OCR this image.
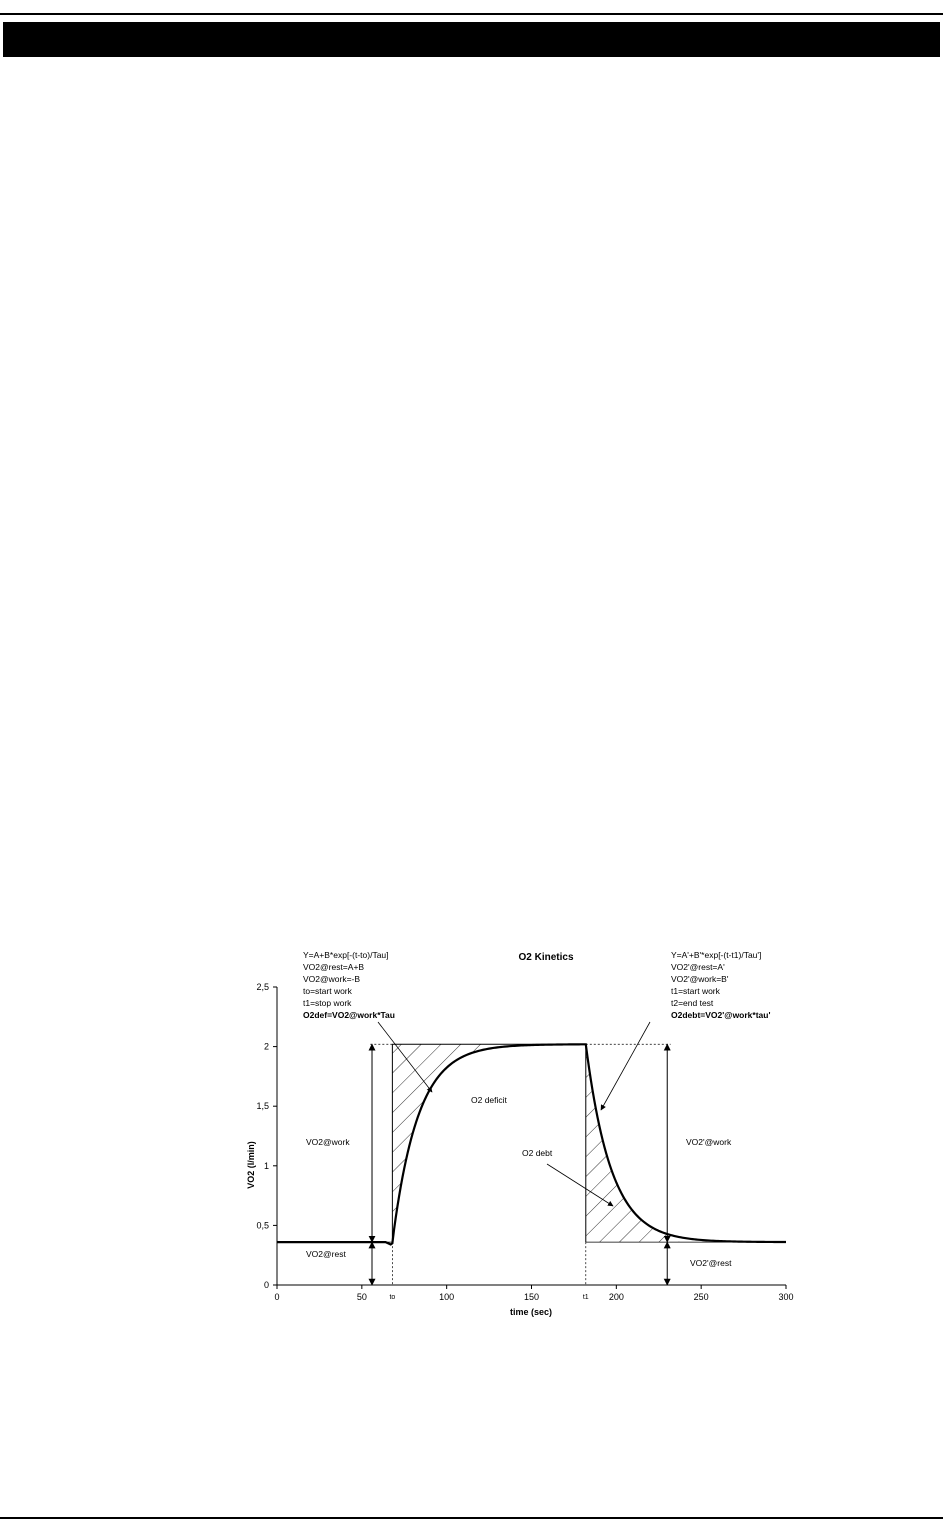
O2 Kinetics
Y=A+B*exp[-(t-to)/Tau]
VO2@rest=A+B
VO2@work=-B
to=start work
t1=stop work
O2def=VO2@work*Tau
Y=A'+B'*exp[-(t-t1)/Tau']
VO2'@rest=A'
VO2'@work=B'
t1=start work
t2=end test
O2debt=VO2'@work*tau'
VO2 (l/min)
time (sec)
0
0,5
1
1,5
2
2,5
0	50	100	150	200	250	300
to	t1
O2 deficit
O2 debt
VO2@work
VO2@rest
VO2'@work
VO2'@rest
